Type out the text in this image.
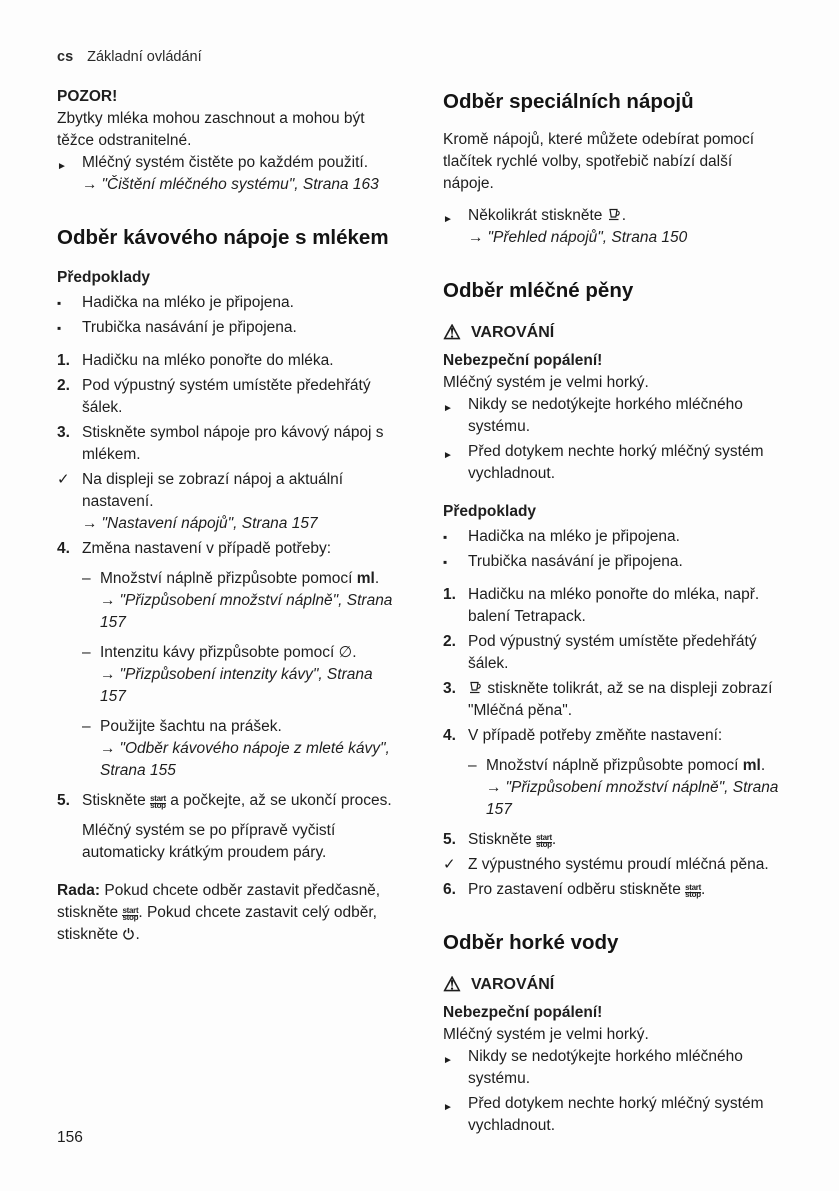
cs Základní ovládání
POZOR!
Zbytky mléka mohou zaschnout a mohou být těžce odstranitelné.
► Mléčný systém čistěte po každém použití.
→ "Čištění mléčného systému", Strana 163
Odběr kávového nápoje s mlékem
Předpoklady
▪	Hadička na mléko je připojena.
▪	Trubička nasávání je připojena.
1. Hadičku na mléko ponořte do mléka.
2. Pod výpustný systém umístěte předehřátý šálek.
3. Stiskněte symbol nápoje pro kávový nápoj s mlékem.
✓ Na displeji se zobrazí nápoj a aktuální nastavení.
→ "Nastavení nápojů", Strana 157
4. Změna nastavení v případě potřeby:
– Množství náplně přizpůsobte pomocí ml.
→ "Přizpůsobení množství náplně", Strana 157
– Intenzitu kávy přizpůsobte pomocí ∅.
→ "Přizpůsobení intenzity kávy", Strana 157
– Použijte šachtu na prášek.
→ "Odběr kávového nápoje z mleté kávy", Strana 155
5. Stiskněte start
stop a počkejte, až se ukončí proces.
Mléčný systém se po přípravě vyčistí automaticky krátkým proudem páry.
Rada: Pokud chcete odběr zastavit předčasně, stiskněte start
stop. Pokud chcete zastavit celý odběr, stiskněte .
Odběr speciálních nápojů
Kromě nápojů, které můžete odebírat pomocí tlačítek rychlé volby, spotřebič nabízí další nápoje.
► Několikrát stiskněte .
→ "Přehled nápojů", Strana 150
Odběr mléčné pěny
⚠ VAROVÁNÍ
Nebezpeční popálení!
Mléčný systém je velmi horký.
► Nikdy se nedotýkejte horkého mléčného systému.
► Před dotykem nechte horký mléčný systém vychladnout.
Předpoklady
▪	Hadička na mléko je připojena.
▪	Trubička nasávání je připojena.
1. Hadičku na mléko ponořte do mléka, např. balení Tetrapack.
2. Pod výpustný systém umístěte předehřátý šálek.
3.	stiskněte tolikrát, až se na displeji zobrazí "Mléčná pěna".
4. V případě potřeby změňte nastavení:
– Množství náplně přizpůsobte pomocí ml.
→ "Přizpůsobení množství náplně", Strana 157
5. Stiskněte start
stop.
✓ Z výpustného systému proudí mléčná pěna.
6. Pro zastavení odběru stiskněte start
stop.
Odběr horké vody
⚠ VAROVÁNÍ
Nebezpeční popálení!
Mléčný systém je velmi horký.
► Nikdy se nedotýkejte horkého mléčného systému.
► Před dotykem nechte horký mléčný systém vychladnout.
156
